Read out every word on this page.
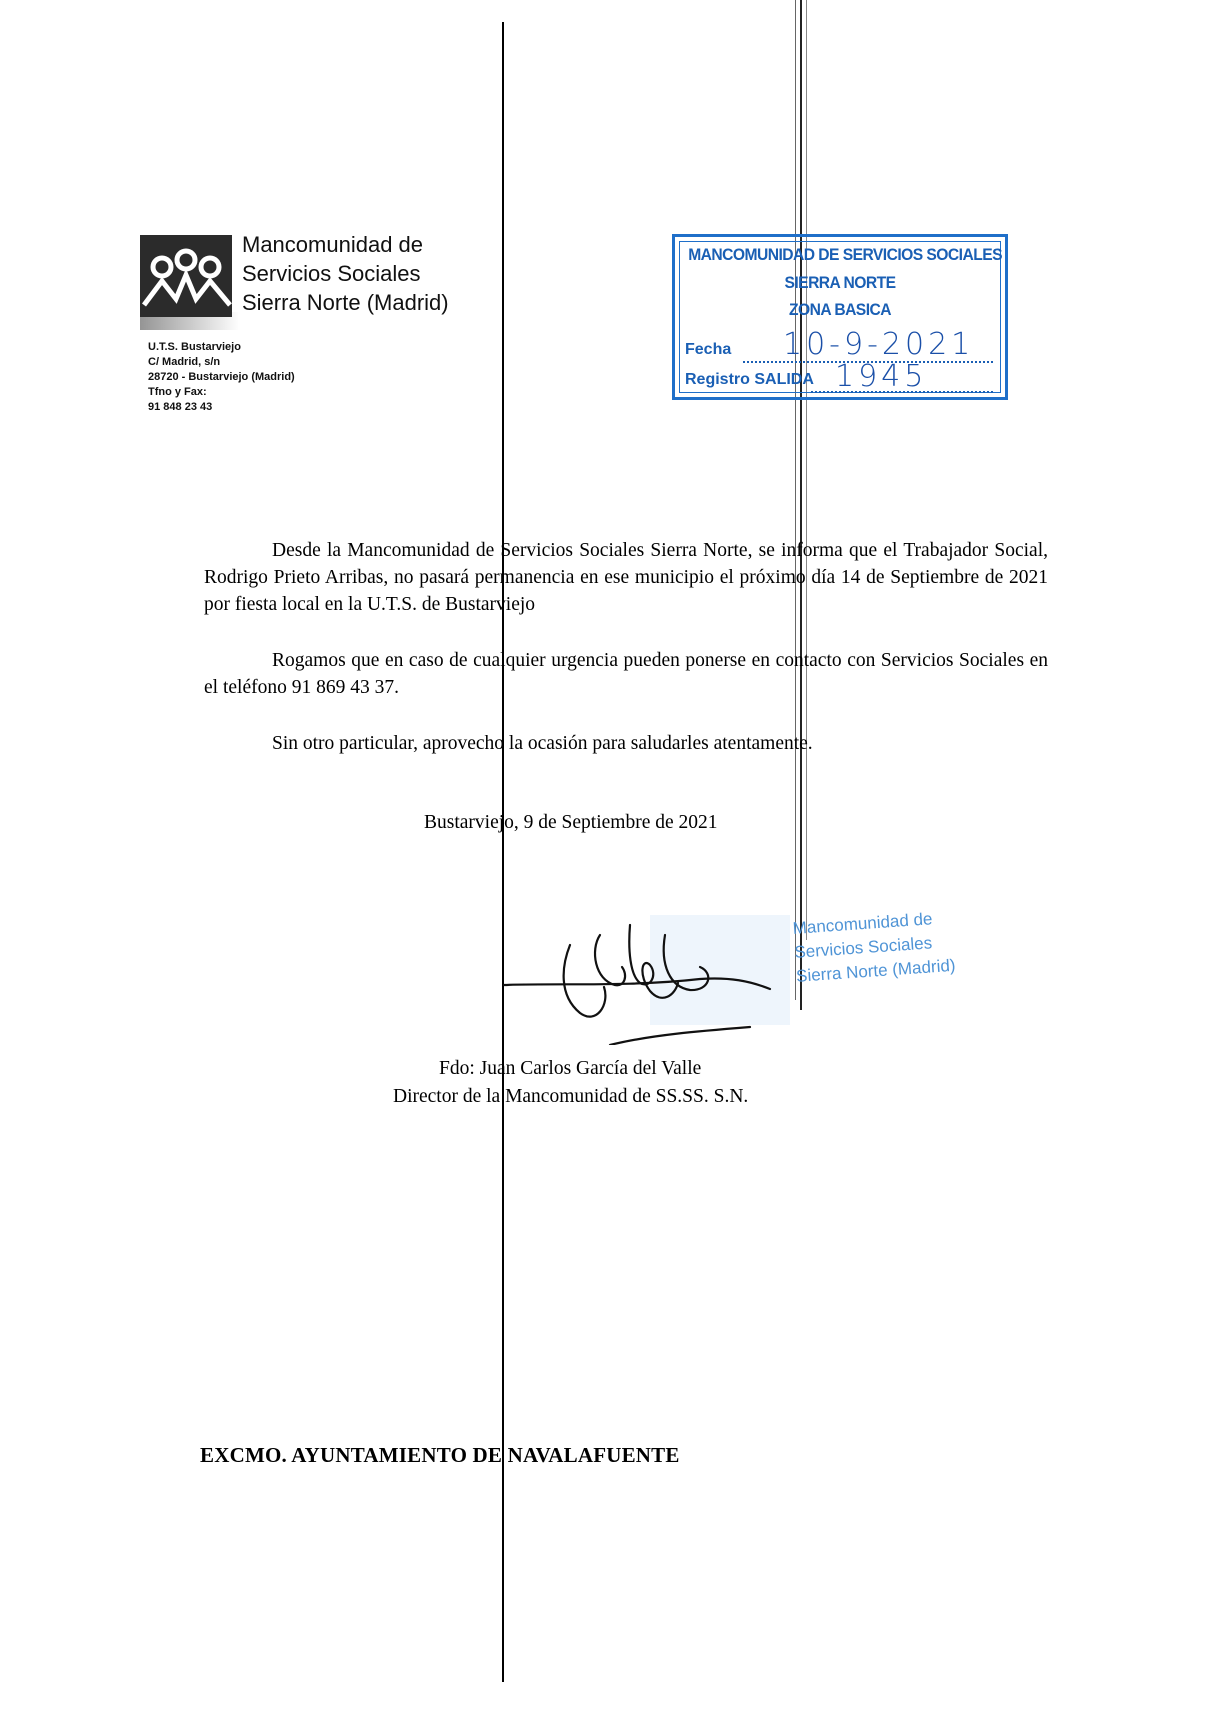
Mancomunidad de
Servicios Sociales
Sierra Norte (Madrid)
U.T.S. Bustarviejo
C/ Madrid, s/n
28720 - Bustarviejo (Madrid)
Tfno y Fax:
91 848 23 43
MANCOMUNIDAD DE SERVICIOS SOCIALES
SIERRA NORTE
ZONA BASICA
Fecha 10-9-2021
Registro SALIDA 1945
Desde la Mancomunidad de Servicios Sociales Sierra Norte, se informa que el Trabajador Social, Rodrigo Prieto Arribas, no pasará permanencia en ese municipio el próximo día 14 de Septiembre de 2021 por fiesta local en la U.T.S. de Bustarviejo
Rogamos que en caso de cualquier urgencia pueden ponerse en contacto con Servicios Sociales en el teléfono 91 869 43 37.
Sin otro particular, aprovecho la ocasión para saludarles atentamente.
Bustarviejo, 9 de Septiembre de 2021
Mancomunidad de
Servicios Sociales
Sierra Norte (Madrid)
Fdo: Juan Carlos García del Valle
Director de la Mancomunidad de SS.SS. S.N.
EXCMO. AYUNTAMIENTO DE NAVALAFUENTE
